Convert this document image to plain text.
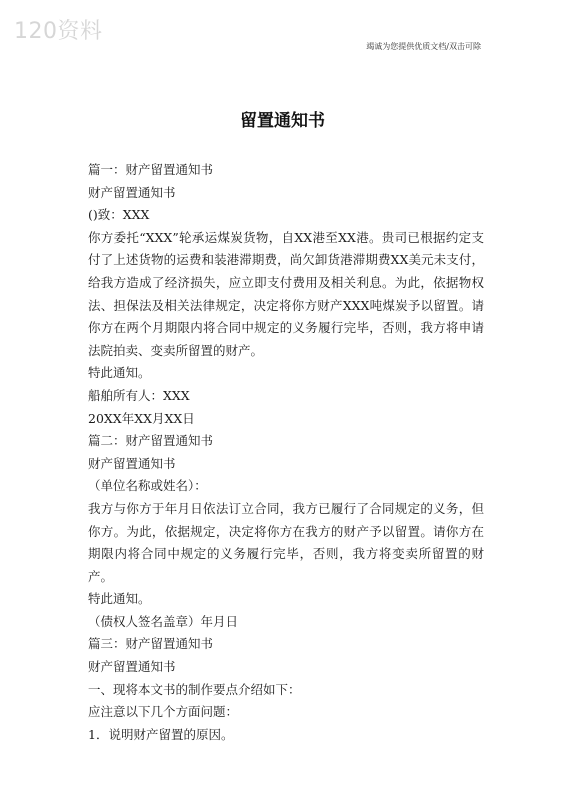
120资料
竭诚为您提供优质文档/双击可除
留置通知书
篇一：财产留置通知书
财产留置通知书
()致：XXX
你方委托“XXX”轮承运煤炭货物，自XX港至XX港。贵司已根据约定支付了上述货物的运费和装港滞期费，尚欠卸货港滞期费XX美元未支付，给我方造成了经济损失，应立即支付费用及相关利息。为此，依据物权法、担保法及相关法律规定，决定将你方财产XXX吨煤炭予以留置。请你方在两个月期限内将合同中规定的义务履行完毕，否则，我方将申请法院拍卖、变卖所留置的财产。
特此通知。
船舶所有人：XXX
20XX年XX月XX日
篇二：财产留置通知书
财产留置通知书
（单位名称或姓名）：
我方与你方于年月日依法订立合同，我方已履行了合同规定的义务，但你方。为此，依据规定，决定将你方在我方的财产予以留置。请你方在期限内将合同中规定的义务履行完毕，否则，我方将变卖所留置的财产。
特此通知。
（债权人签名盖章）年月日
篇三：财产留置通知书
财产留置通知书
一、现将本文书的制作要点介绍如下：
应注意以下几个方面问题：
1．说明财产留置的原因。
